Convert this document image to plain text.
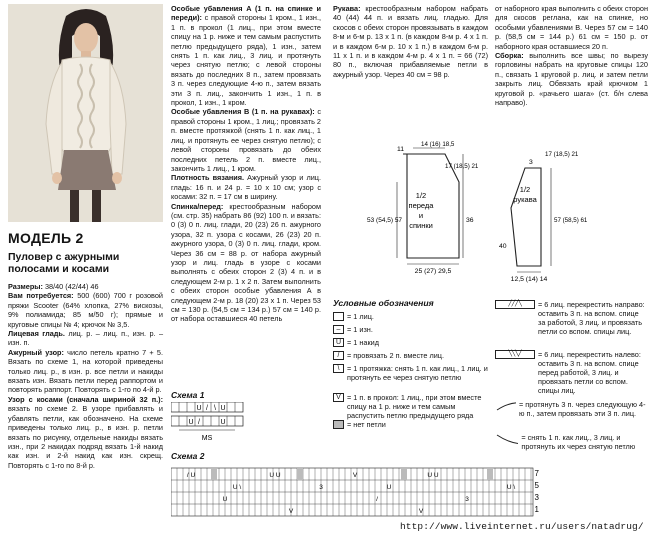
МОДЕЛЬ 2
Пуловер с ажурными полосами и косами

Размеры: 38/40 (42/44) 46

Вам потребуется: 500 (600) 700 г розовой пряжи Scooter (64% хлопка, 27% вискозы, 9% полиамида; 85 м/50 г); прямые и круговые спицы № 4; крючок № 3,5.

Лицевая гладь. лиц. р. – лиц. п., изн. р. – изн. п.

Ажурный узор: число петель кратно 7 + 5. Вязать по схеме 1, на которой приведены только лиц. р., в изн. р. все петли и накиды вязать изн. Вязать петли перед раппортом и повторять раппорт. Повторять с 1-го по 4-й р.

Узор с косами (сначала шириной 32 п.): вязать по схеме 2. В узоре прибавлять и убавлять петли, как обозначено. На схеме приведены только лиц. р., в изн. р. петли вязать по рисунку, отдельные накиды вязать изн., при 2 накидах подряд вязать 1-й накид как изн. и 2-й накид как изн. скрещ. Повторять с 1-го по 8-й р.

Особые убавления A (1 п. на спинке и переди): с правой стороны 1 кром., 1 изн., 1 п. в прокол (1 лиц., при этом вместе спицу на 1 р. ниже и тем самым распустить петлю предыдущего ряда), 1 изн., затем снять 1 п. как лиц., 3 лиц. и протянуть через снятую петлю; с левой стороны вязать до последних 8 п., затем провязать 3 п. через следующие 4-ю п., затем вязать эти 3 п. лиц., закончить 1 изн., 1 п. в прокол, 1 изн., 1 кром.

Особые убавления B (1 п. на рукавах): с правой стороны 1 кром., 1 лиц.; провязать 2 п. вместе протяжкой (снять 1 п. как лиц., 1 лиц. и протянуть ее через снятую петлю); с левой стороны провязать до обеих последних петель 2 п. вместе лиц., закончить 1 лиц., 1 кром.

Плотность вязания. Ажурный узор и лиц. гладь: 16 п. и 24 р. = 10 х 10 см; узор с косами: 32 п. = 17 см в ширину.

Спинка/перед: крестообразным набором (см. стр. 35) набрать 86 (92) 100 п. и вязать: 0 (3) 0 п. лиц. глади, 20 (23) 26 п. ажурного узора, 32 п. узора с косами, 26 (23) 20 п. ажурного узора, 0 (3) 0 п. лиц. глади, кром. Через 36 см = 88 р. от набора ажурный узор и лиц. гладь в узоре с косами выполнять с обеих сторон 2 (3) 4 п. и в следующем 2-м р. 1 х 2 п. Затем выполнить с обеих сторон особые убавления А в следующем 2-м р. 18 (20) 23 х 1 п. Через 53 см = 130 р. (54,5 см = 134 р.) 57 см = 140 р. от набора оставшиеся 40 петель

Рукава: крестообразным набором набрать 40 (44) 44 п. и вязать лиц. гладью. Для скосов с обеих сторон провязывать в каждом 8-м и 6-м р. 13 х 1 п. (в каждом 8-м р. 4 х 1 п. и в каждом 6-м р. 10 х 1 п.) в каждом 6-м р. 11 х 1 п. и в каждом 4-м р. 4 х 1 п. = 66 (72) 80 п., включая прибавляемые петли в ажурный узор. Через 40 см = 98 р.

от наборного края выполнить с обеих сторон для скосов реглана, как на спинке, но особыми убавлениями В. Через 57 см = 140 р. (58,5 см = 144 р.) 61 см = 150 р. от наборного края оставшиеся 20 п.

Сборка: выполнить все швы; по вырезу горловины набрать на круговые спицы 120 п., связать 1 круговой р. лиц. и затем петли закрыть лиц. Обвязать край крючком 1 круговой р. «рачьего шага» (ст. б/н слева направо).

1/2
переда
и
спинки
11
14 (16) 18,5
17 (18,5) 21
53 (54,5) 57	36
25 (27) 29,5
1/2
рукава
3
17 (18,5) 21
40
57 (58,5) 61
12,5 (14) 14
Условные обозначения
= 1 лиц.
– = 1 изн.
U = 1 накид
/	= провязать 2 п. вместе лиц.
\	= 1 протяжка: снять 1 п. как лиц., 1 лиц. и протянуть ее через снятую петлю
V = 1 п. в прокол: 1 лиц., при этом вместе спицу на 1 р. ниже и тем самым распустить петлю предыдущего ряда
= нет петли
╱╱╱╲	= 6 лиц. перекрестить направо: оставить 3 п. на вспом. спице за работой, 3 лиц. и провязать петли со вспом. спицы лиц.
╲╲╲╱	= 6 лиц. перекрестить налево: оставить 3 п. на вспом. спице перед работой, 3 лиц. и провязать петли со вспом. спицы лиц.
= протянуть 3 п. через следующую 4-ю п., затем провязать эти 3 п. лиц.
= снять 1 п. как лиц., 3 лиц. и протянуть их через снятую петлю
Схема 1
U / \ U
U /	U
MS
Схема 2
/ U
U \
U U
3
V
U
U U
3
U \
V	V
U	/
7
5
3
1
http://www.liveinternet.ru/users/natadrug/
